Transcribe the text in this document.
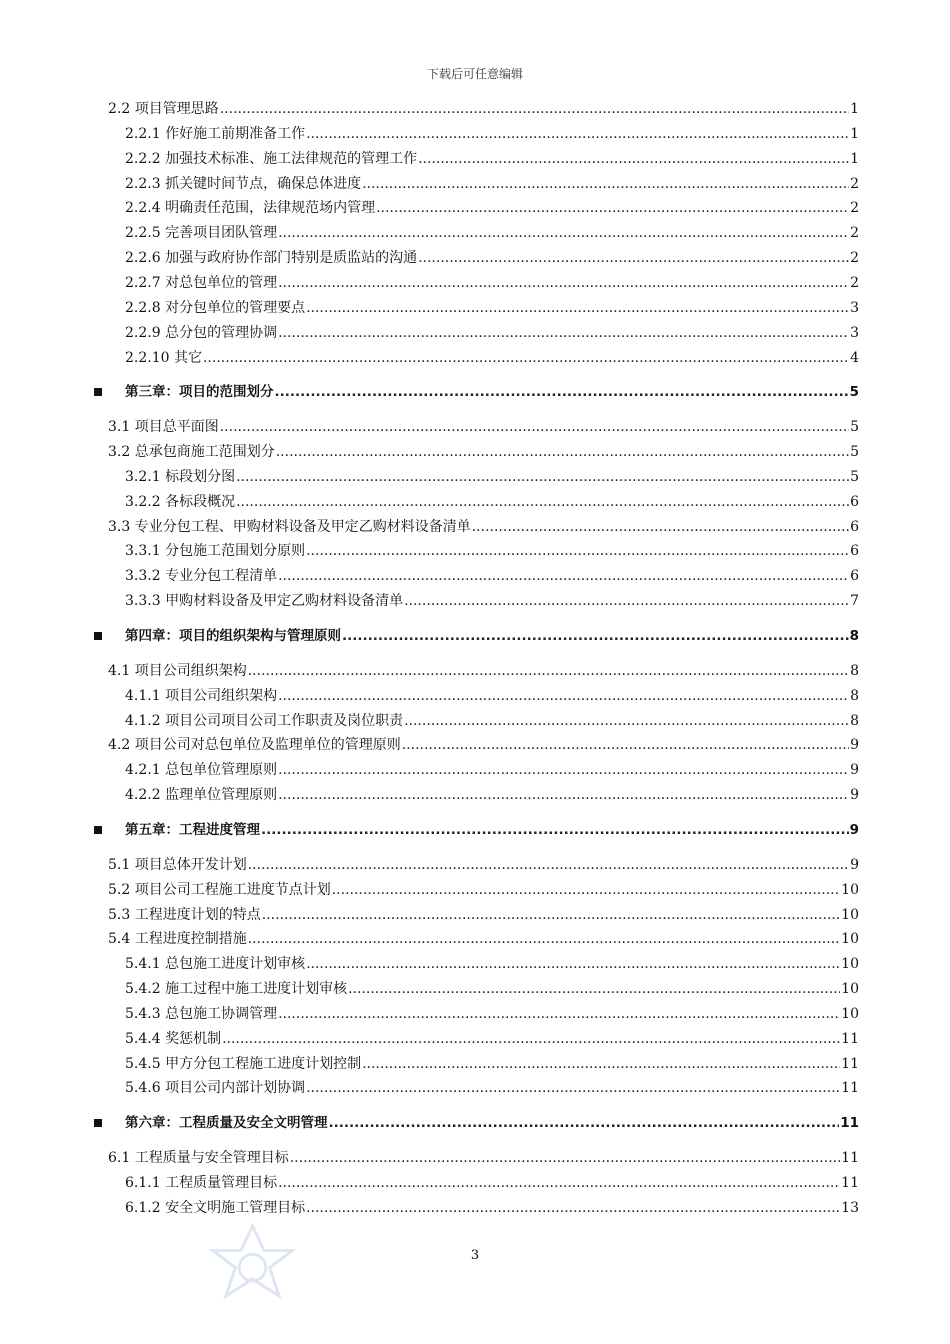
下载后可任意编辑
2.2 项目管理思路 .....	1
2.2.1 作好施工前期准备工作 .....	1
2.2.2 加强技术标准、施工法律规范的管理工作 .....	1
2.2.3 抓关键时间节点，确保总体进度 .....	2
2.2.4 明确责任范围，法律规范场内管理 .....	2
2.2.5 完善项目团队管理 .....	2
2.2.6 加强与政府协作部门特别是质监站的沟通 .....	2
2.2.7 对总包单位的管理 .....	2
2.2.8 对分包单位的管理要点 .....	3
2.2.9 总分包的管理协调 .....	3
2.2.10 其它 .....	4
第三章：项目的范围划分 .....	5
3.1 项目总平面图 .....	5
3.2 总承包商施工范围划分 .....	5
3.2.1 标段划分图 .....	5
3.2.2 各标段概况 .....	6
3.3 专业分包工程、甲购材料设备及甲定乙购材料设备清单 .....	6
3.3.1 分包施工范围划分原则 .....	6
3.3.2 专业分包工程清单 .....	6
3.3.3 甲购材料设备及甲定乙购材料设备清单 .....	7
第四章：项目的组织架构与管理原则 .....	8
4.1 项目公司组织架构 .....	8
4.1.1 项目公司组织架构 .....	8
4.1.2 项目公司项目公司工作职责及岗位职责 .....	8
4.2 项目公司对总包单位及监理单位的管理原则 .....	9
4.2.1 总包单位管理原则 .....	9
4.2.2 监理单位管理原则 .....	9
第五章：工程进度管理 .....	9
5.1 项目总体开发计划 .....	9
5.2 项目公司工程施工进度节点计划 .....	10
5.3 工程进度计划的特点 .....	10
5.4 工程进度控制措施 .....	10
5.4.1 总包施工进度计划审核 .....	10
5.4.2 施工过程中施工进度计划审核 .....	10
5.4.3 总包施工协调管理 .....	10
5.4.4 奖惩机制 .....	11
5.4.5 甲方分包工程施工进度计划控制 .....	11
5.4.6 项目公司内部计划协调 .....	11
第六章：工程质量及安全文明管理 .....	11
6.1 工程质量与安全管理目标 .....	11
6.1.1 工程质量管理目标 .....	11
6.1.2 安全文明施工管理目标 .....	13
3
